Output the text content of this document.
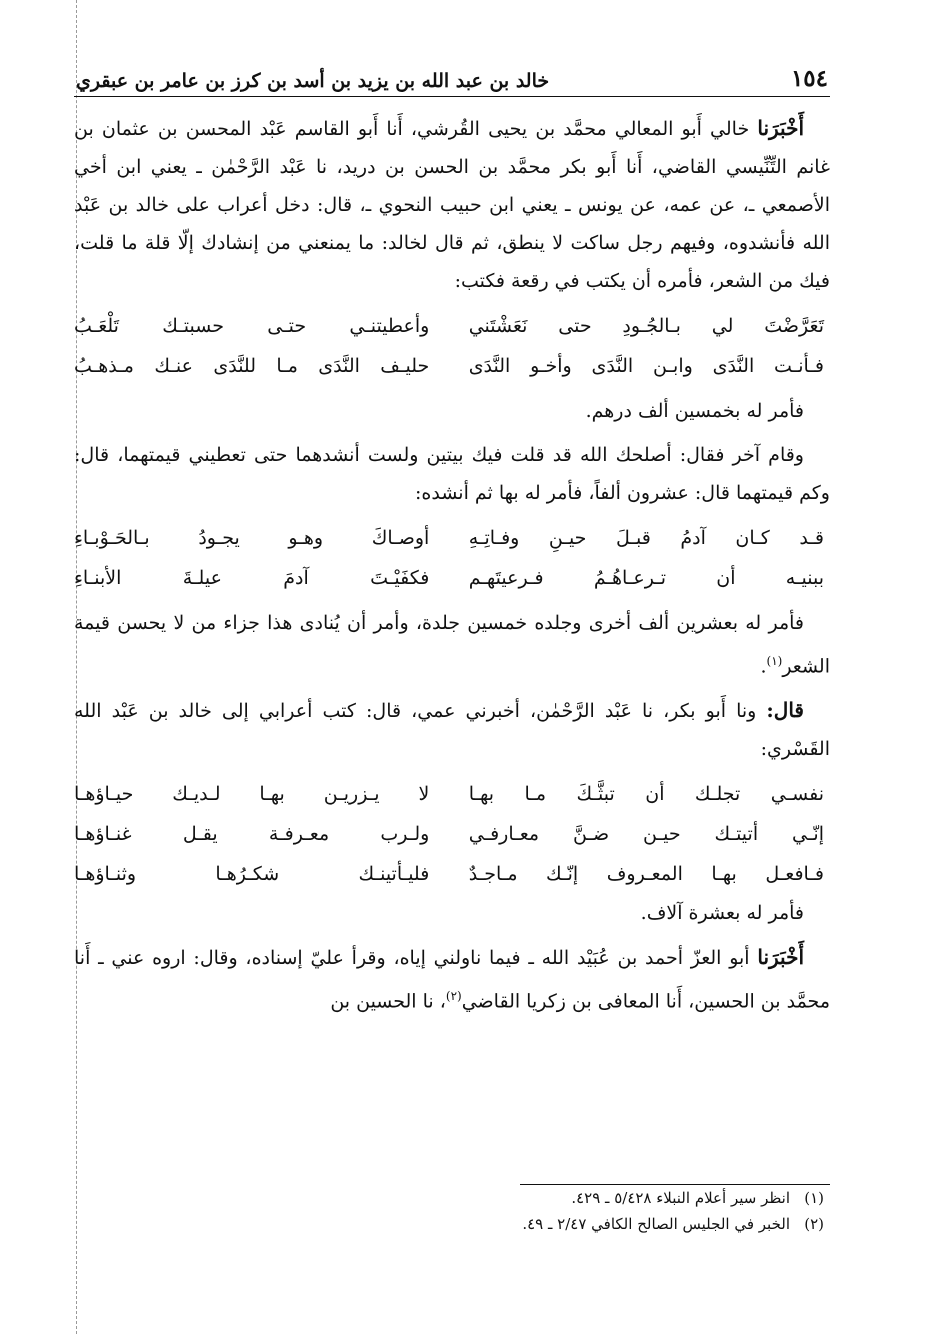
١٥٤
خالد بن عبد الله بن يزيد بن أسد بن كرز بن عامر بن عبقري

أَخْبَرَنا خالي أَبو المعالي محمَّد بن يحيى القُرشي، أَنا أَبو القاسم عَبْد المحسن بن عثمان بن غانم التِّنِّيسي القاضي، أَنا أَبو بكر محمَّد بن الحسن بن دريد، نا عَبْد الرَّحْمٰن ـ يعني ابن أخي الأصمعي ـ، عن عمه، عن يونس ـ يعني ابن حبيب النحوي ـ، قال: دخل أعراب على خالد بن عَبْد الله فأنشدوه، وفيهم رجل ساكت لا ينطق، ثم قال لخالد: ما يمنعني من إنشادك إلّا قلة ما قلت، فيك من الشعر، فأمره أن يكتب في رقعة فكتب:

تَعَرَّضْتَ لي بـالجُـودِ حتى نَعَشْتَني
وأعطيتنـي حتـى حسبتـك تَلْعَـبُ
فـأنـت النَّدَى وابـن النَّدَى وأخـو النَّدَى
حليـف النَّدَى مـا للنَّدَى عنـك مـذهـبُ

فأمر له بخمسين ألف درهم.

وقام آخر فقال: أصلحك الله قد قلت فيك بيتين ولست أنشدهما حتى تعطيني قيمتهما، قال: وكم قيمتهما قال: عشرون ألفاً، فأمر له بها ثم أنشده:

قـد كـان آدمُ قبـلَ حيـنِ وفـاتِـهِ
أوصـاكَ وهـو يجـودُ بـالحَـوْبـاءِ
ببنيـه أن تـرعـاهُـمُ فـرعيتَهـم
فكفَيْـتَ آدمَ عيلـةَ الأبنـاءِ

فأمر له بعشرين ألف أخرى وجلده خمسين جلدة، وأمر أن يُنادى هذا جزاء من لا يحسن قيمة الشعر$^{(١)}$.

قال: ونا أَبو بكر، نا عَبْد الرَّحْمٰن، أخبرني عمي، قال: كتب أعرابي إلى خالد بن عَبْد الله القَسْري:

نفسـي تجلـك أن تبثَّـكَ مـا بهـا
لا يـزريـن بهـا لـديـك حيـاؤهـا
إنّـي أتيتـك حيـن ضـنَّ معـارفـي
ولـرب معـرفـة يقـل غنـاؤهـا
فـافعـل بهـا المعـروف إنّـك مـاجـدٌ
فليـأتينـك شكـرُهـا وثنـاؤهـا

فأمر له بعشرة آلاف.

أَخْبَرَنا أبو العزّ أحمد بن عُبَيْد الله ـ فيما ناولني إياه، وقرأ عليّ إسناده، وقال: اروه عني ـ أَنا محمَّد بن الحسين، أَنا المعافى بن زكريا القاضي$^{(٢)}$، نا الحسين بن

(١)انظر سير أعلام النبلاء ٥/٤٢٨ ـ ٤٢٩.
(٢)الخبر في الجليس الصالح الكافي ٢/٤٧ ـ ٤٩.
